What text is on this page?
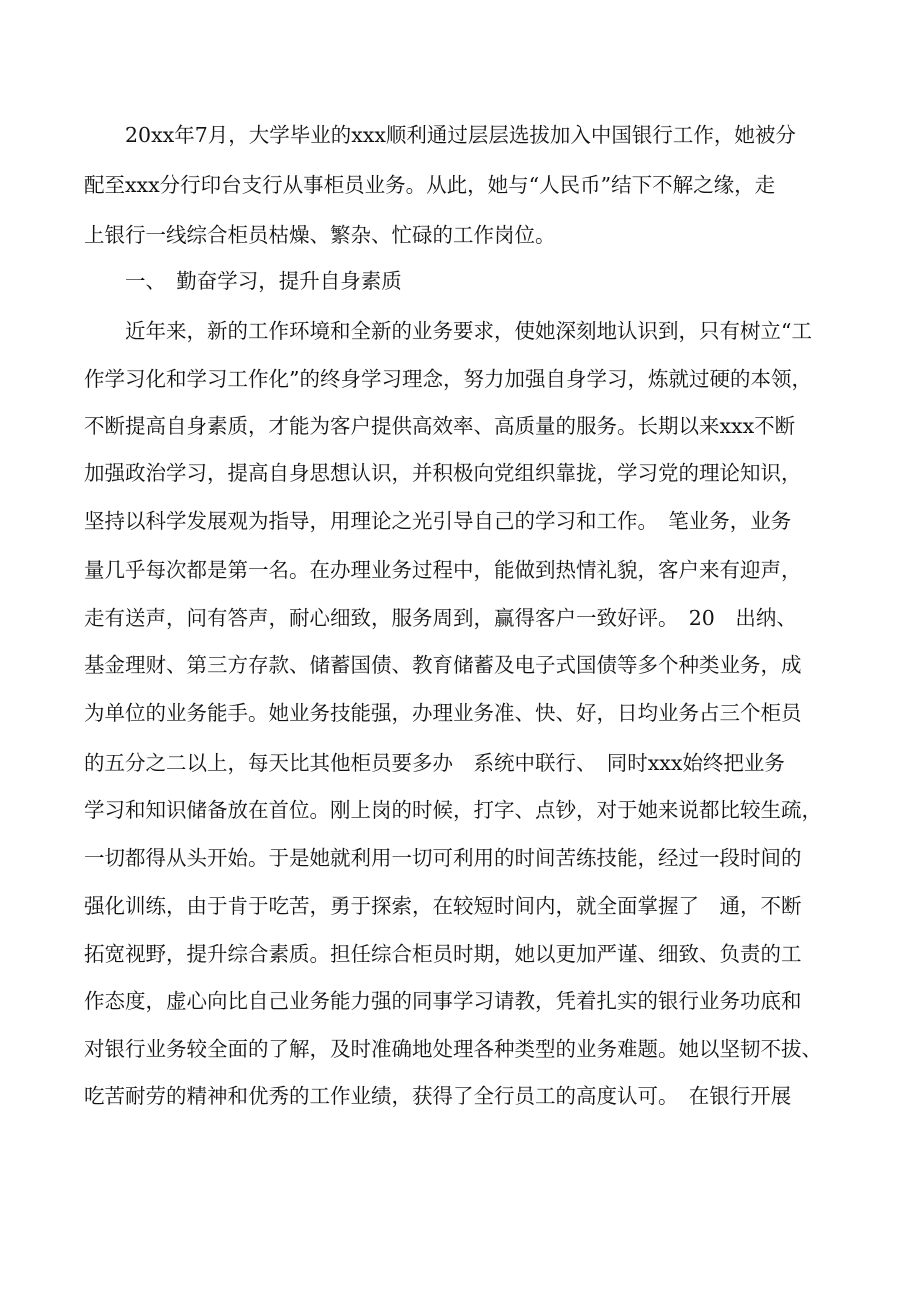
　　20xx年7月，大学毕业的xxx顺利通过层层选拔加入中国银行工作，她被分
配至xxx分行印台支行从事柜员业务。从此，她与“人民币”结下不解之缘，走
上银行一线综合柜员枯燥、繁杂、忙碌的工作岗位。
　　一、　勤奋学习，提升自身素质
　　近年来，新的工作环境和全新的业务要求，使她深刻地认识到，只有树立“工
作学习化和学习工作化”的终身学习理念，努力加强自身学习，炼就过硬的本领，
不断提高自身素质，才能为客户提供高效率、高质量的服务。长期以来xxx不断
加强政治学习，提高自身思想认识，并积极向党组织靠拢，学习党的理论知识，
坚持以科学发展观为指导，用理论之光引导自己的学习和工作。　笔业务，业务
量几乎每次都是第一名。在办理业务过程中，能做到热情礼貌，客户来有迎声，
走有送声，问有答声，耐心细致，服务周到，赢得客户一致好评。　20　出纳、
基金理财、第三方存款、储蓄国债、教育储蓄及电子式国债等多个种类业务，成
为单位的业务能手。她业务技能强，办理业务准、快、好，日均业务占三个柜员
的五分之二以上，每天比其他柜员要多办　系统中联行、　同时xxx始终把业务
学习和知识储备放在首位。刚上岗的时候，打字、点钞，对于她来说都比较生疏，
一切都得从头开始。于是她就利用一切可利用的时间苦练技能，经过一段时间的
强化训练，由于肯于吃苦，勇于探索，在较短时间内，就全面掌握了　通，不断
拓宽视野，提升综合素质。担任综合柜员时期，她以更加严谨、细致、负责的工
作态度，虚心向比自己业务能力强的同事学习请教，凭着扎实的银行业务功底和
对银行业务较全面的了解，及时准确地处理各种类型的业务难题。她以坚韧不拔、
吃苦耐劳的精神和优秀的工作业绩，获得了全行员工的高度认可。　在银行开展
